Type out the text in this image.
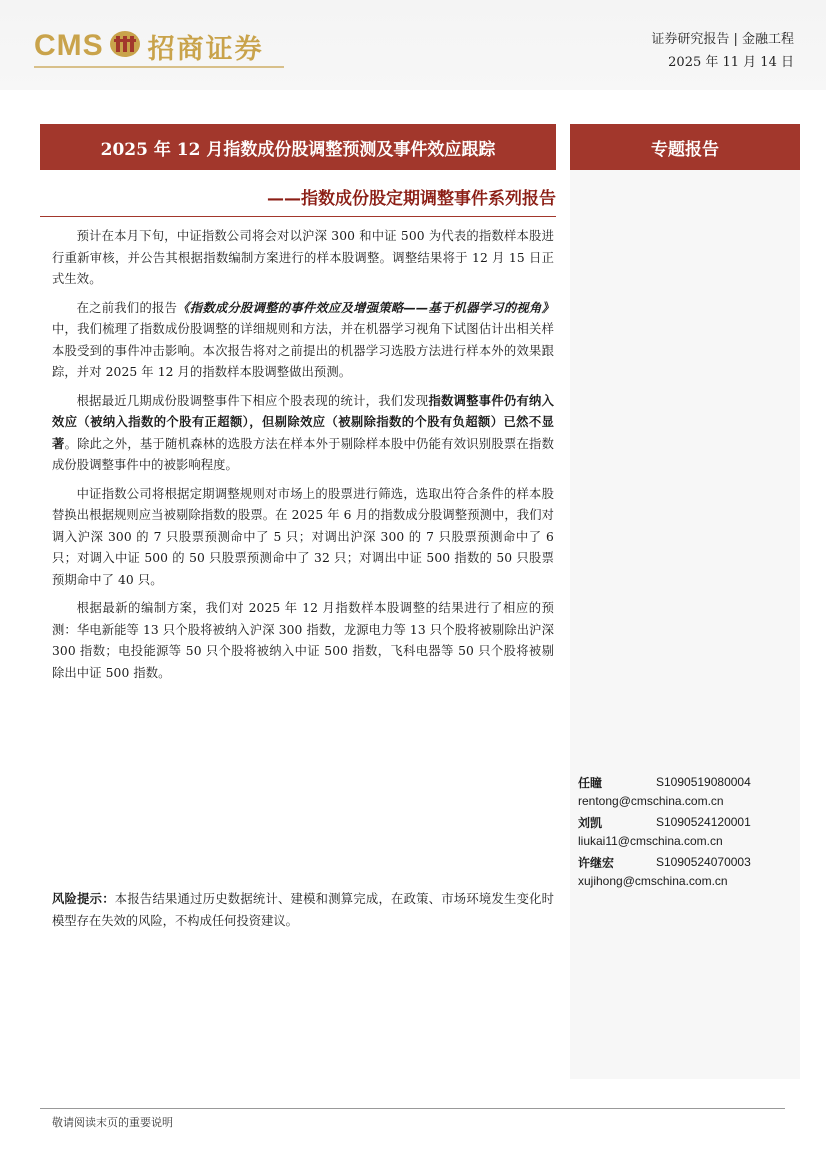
CMS 招商证券	证券研究报告 | 金融工程
2025 年 11 月 14 日
2025 年 12 月指数成份股调整预测及事件效应跟踪
——指数成份股定期调整事件系列报告
专题报告
任瞳	S1090519080004
rentong@cmschina.com.cn
刘凯	S1090524120001
liukai11@cmschina.com.cn
许继宏	S1090524070003
xujihong@cmschina.com.cn

预计在本月下旬，中证指数公司将会对以沪深 300 和中证 500 为代表的指数样本股进行重新审核，并公告其根据指数编制方案进行的样本股调整。调整结果将于 12 月 15 日正式生效。

在之前我们的报告《指数成分股调整的事件效应及增强策略——基于机器学习的视角》中，我们梳理了指数成份股调整的详细规则和方法，并在机器学习视角下试图估计出相关样本股受到的事件冲击影响。本次报告将对之前提出的机器学习选股方法进行样本外的效果跟踪，并对 2025 年 12 月的指数样本股调整做出预测。

根据最近几期成份股调整事件下相应个股表现的统计，我们发现指数调整事件仍有纳入效应（被纳入指数的个股有正超额），但剔除效应（被剔除指数的个股有负超额）已然不显著。除此之外，基于随机森林的选股方法在样本外于剔除样本股中仍能有效识别股票在指数成份股调整事件中的被影响程度。

中证指数公司将根据定期调整规则对市场上的股票进行筛选，选取出符合条件的样本股替换出根据规则应当被剔除指数的股票。在 2025 年 6 月的指数成分股调整预测中，我们对调入沪深 300 的 7 只股票预测命中了 5 只；对调出沪深 300 的 7 只股票预测命中了 6 只；对调入中证 500 的 50 只股票预测命中了 32 只；对调出中证 500 指数的 50 只股票预期命中了 40 只。

根据最新的编制方案，我们对 2025 年 12 月指数样本股调整的结果进行了相应的预测：华电新能等 13 只个股将被纳入沪深 300 指数，龙源电力等 13 只个股将被剔除出沪深 300 指数；电投能源等 50 只个股将被纳入中证 500 指数，飞科电器等 50 只个股将被剔除出中证 500 指数。

风险提示：本报告结果通过历史数据统计、建模和测算完成，在政策、市场环境发生变化时模型存在失效的风险，不构成任何投资建议。
敬请阅读末页的重要说明
